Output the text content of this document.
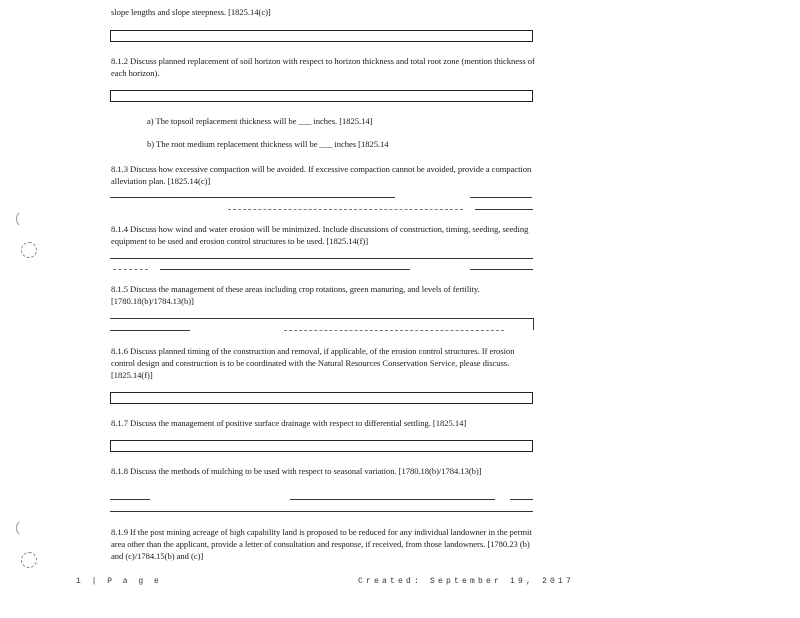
slope lengths and slope steepness. [1825.14(c)]
8.1.2 Discuss planned replacement of soil horizon with respect to horizon thickness and total root zone (mention thickness of each horizon).
a) The topsoil replacement thickness will be ___ inches. [1825.14]
b) The root medium replacement thickness will be ___ inches [1825.14
8.1.3 Discuss how excessive compaction will be avoided. If excessive compaction cannot be avoided, provide a compaction alleviation plan. [1825.14(c)]
8.1.4 Discuss how wind and water erosion will be minimized. Include discussions of construction, timing, seeding, seeding equipment to be used and erosion control structures to be used. [1825.14(f)]
8.1.5 Discuss the management of these areas including crop rotations, green manuring, and levels of fertility. [1780.18(b)/1784.13(b)]
8.1.6 Discuss planned timing of the construction and removal, if applicable, of the erosion control structures. If erosion control design and construction is to be coordinated with the Natural Resources Conservation Service, please discuss. [1825.14(f)]
8.1.7 Discuss the management of positive surface drainage with respect to differential settling. [1825.14]
8.1.8 Discuss the methods of mulching to be used with respect to seasonal variation. [1780.18(b)/1784.13(b)]
8.1.9 If the post mining acreage of high capability land is proposed to be reduced for any individual landowner in the permit area other than the applicant, provide a letter of consultation and response, if received, from those landowners. [1780.23 (b) and (c)/1784.15(b) and (c)]
1 | P a g e	Created: September 19, 2017
